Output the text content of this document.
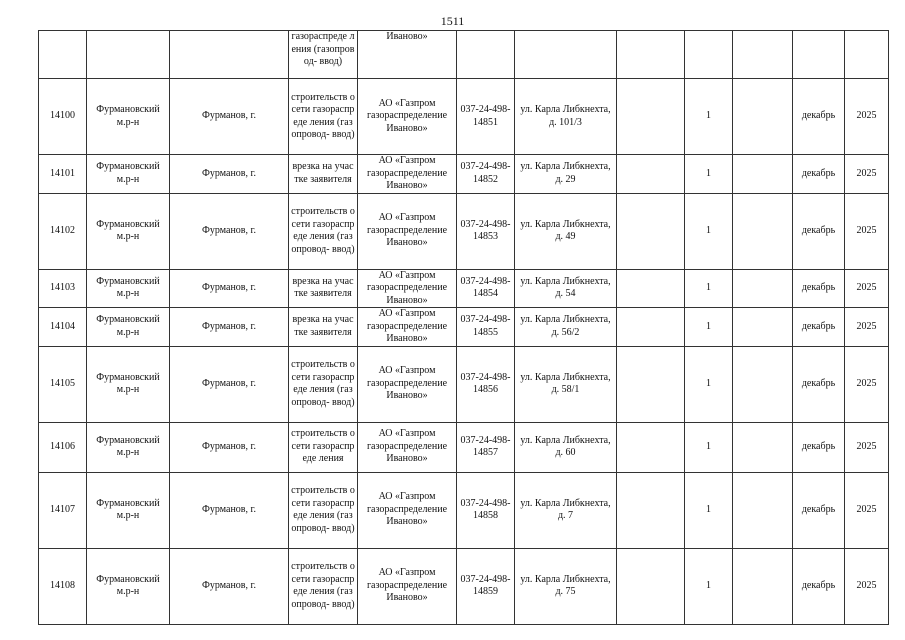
1511
			газораспреде ления (газопровод- ввод)	Иваново»							
14100	Фурмановский м.р-н	Фурманов, г.	строительств о сети газораспреде ления (газопровод- ввод)	АО «Газпром газораспределение Иваново»	037-24-498-14851	ул. Карла Либкнехта, д. 101/3		1		декабрь	2025
14101	Фурмановский м.р-н	Фурманов, г.	врезка на участке заявителя	АО «Газпром газораспределение Иваново»	037-24-498-14852	ул. Карла Либкнехта, д. 29		1		декабрь	2025
14102	Фурмановский м.р-н	Фурманов, г.	строительств о сети газораспреде ления (газопровод- ввод)	АО «Газпром газораспределение Иваново»	037-24-498-14853	ул. Карла Либкнехта, д. 49		1		декабрь	2025
14103	Фурмановский м.р-н	Фурманов, г.	врезка на участке заявителя	АО «Газпром газораспределение Иваново»	037-24-498-14854	ул. Карла Либкнехта, д. 54		1		декабрь	2025
14104	Фурмановский м.р-н	Фурманов, г.	врезка на участке заявителя	АО «Газпром газораспределение Иваново»	037-24-498-14855	ул. Карла Либкнехта, д. 56/2		1		декабрь	2025
14105	Фурмановский м.р-н	Фурманов, г.	строительств о сети газораспреде ления (газопровод- ввод)	АО «Газпром газораспределение Иваново»	037-24-498-14856	ул. Карла Либкнехта, д. 58/1		1		декабрь	2025
14106	Фурмановский м.р-н	Фурманов, г.	строительств о сети газораспреде ления	АО «Газпром газораспределение Иваново»	037-24-498-14857	ул. Карла Либкнехта, д. 60		1		декабрь	2025
14107	Фурмановский м.р-н	Фурманов, г.	строительств о сети газораспреде ления (газопровод- ввод)	АО «Газпром газораспределение Иваново»	037-24-498-14858	ул. Карла Либкнехта, д. 7		1		декабрь	2025
14108	Фурмановский м.р-н	Фурманов, г.	строительств о сети газораспреде ления (газопровод- ввод)	АО «Газпром газораспределение Иваново»	037-24-498-14859	ул. Карла Либкнехта, д. 75		1		декабрь	2025
